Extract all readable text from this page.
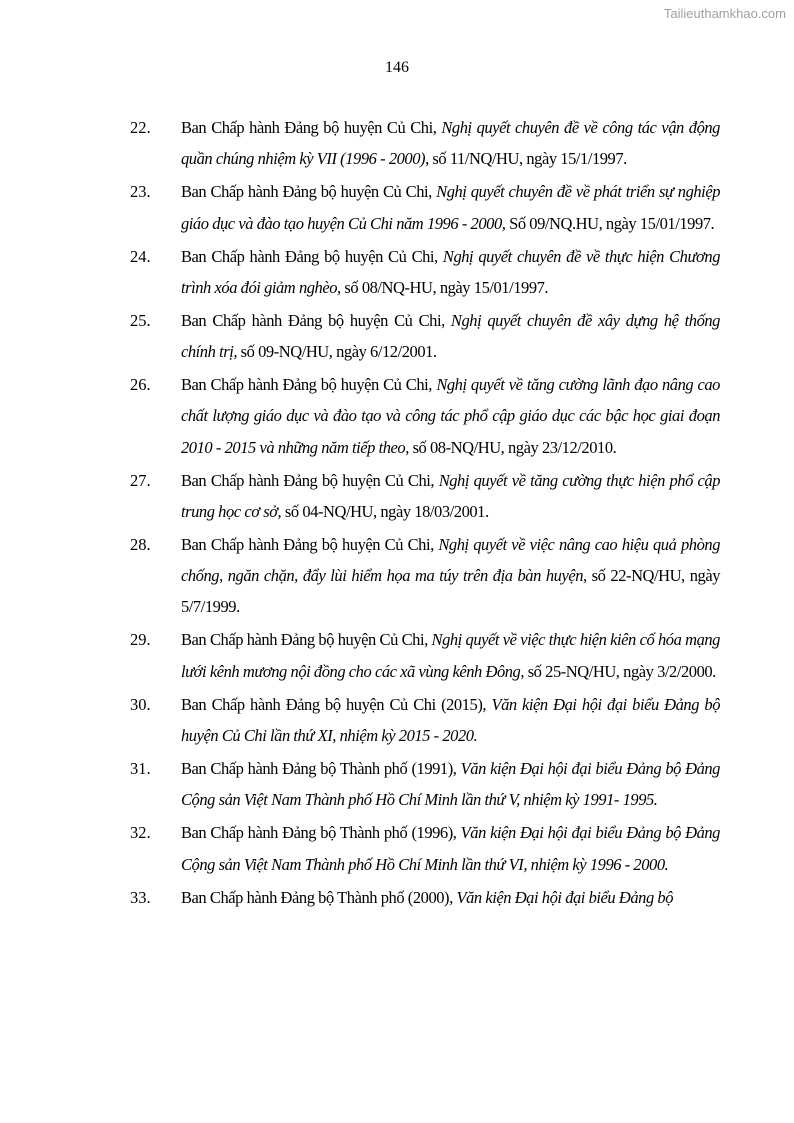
Tailieuthamkhao.com
146
22. Ban Chấp hành Đảng bộ huyện Củ Chi, Nghị quyết chuyên đề về công tác vận động quần chúng nhiệm kỳ VII (1996 - 2000), số 11/NQ/HU, ngày 15/1/1997.
23. Ban Chấp hành Đảng bộ huyện Củ Chi, Nghị quyết chuyên đề về phát triển sự nghiệp giáo dục và đào tạo huyện Củ Chi năm 1996 - 2000, Số 09/NQ.HU, ngày 15/01/1997.
24. Ban Chấp hành Đảng bộ huyện Củ Chi, Nghị quyết chuyên đề về thực hiện Chương trình xóa đói giảm nghèo, số 08/NQ-HU, ngày 15/01/1997.
25. Ban Chấp hành Đảng bộ huyện Củ Chi, Nghị quyết chuyên đề xây dựng hệ thống chính trị, số 09-NQ/HU, ngày 6/12/2001.
26. Ban Chấp hành Đảng bộ huyện Củ Chi, Nghị quyết về tăng cường lãnh đạo nâng cao chất lượng giáo dục và đào tạo và công tác phổ cập giáo dục các bậc học giai đoạn 2010 - 2015 và những năm tiếp theo, số 08-NQ/HU, ngày 23/12/2010.
27. Ban Chấp hành Đảng bộ huyện Củ Chi, Nghị quyết về tăng cường thực hiện phổ cập trung học cơ sở, số 04-NQ/HU, ngày 18/03/2001.
28. Ban Chấp hành Đảng bộ huyện Củ Chi, Nghị quyết về việc nâng cao hiệu quả phòng chống, ngăn chặn, đẩy lùi hiểm họa ma túy trên địa bàn huyện, số 22-NQ/HU, ngày 5/7/1999.
29. Ban Chấp hành Đảng bộ huyện Củ Chi, Nghị quyết về việc thực hiện kiên cố hóa mạng lưới kênh mương nội đồng cho các xã vùng kênh Đông, số 25-NQ/HU, ngày 3/2/2000.
30. Ban Chấp hành Đảng bộ huyện Củ Chi (2015), Văn kiện Đại hội đại biểu Đảng bộ huyện Củ Chi lần thứ XI, nhiệm kỳ 2015 - 2020.
31. Ban Chấp hành Đảng bộ Thành phố (1991), Văn kiện Đại hội đại biểu Đảng bộ Đảng Cộng sản Việt Nam Thành phố Hồ Chí Minh lần thứ V, nhiệm kỳ 1991- 1995.
32. Ban Chấp hành Đảng bộ Thành phố (1996), Văn kiện Đại hội đại biểu Đảng bộ Đảng Cộng sản Việt Nam Thành phố Hồ Chí Minh lần thứ VI, nhiệm kỳ 1996 - 2000.
33. Ban Chấp hành Đảng bộ Thành phố (2000), Văn kiện Đại hội đại biểu Đảng bộ
